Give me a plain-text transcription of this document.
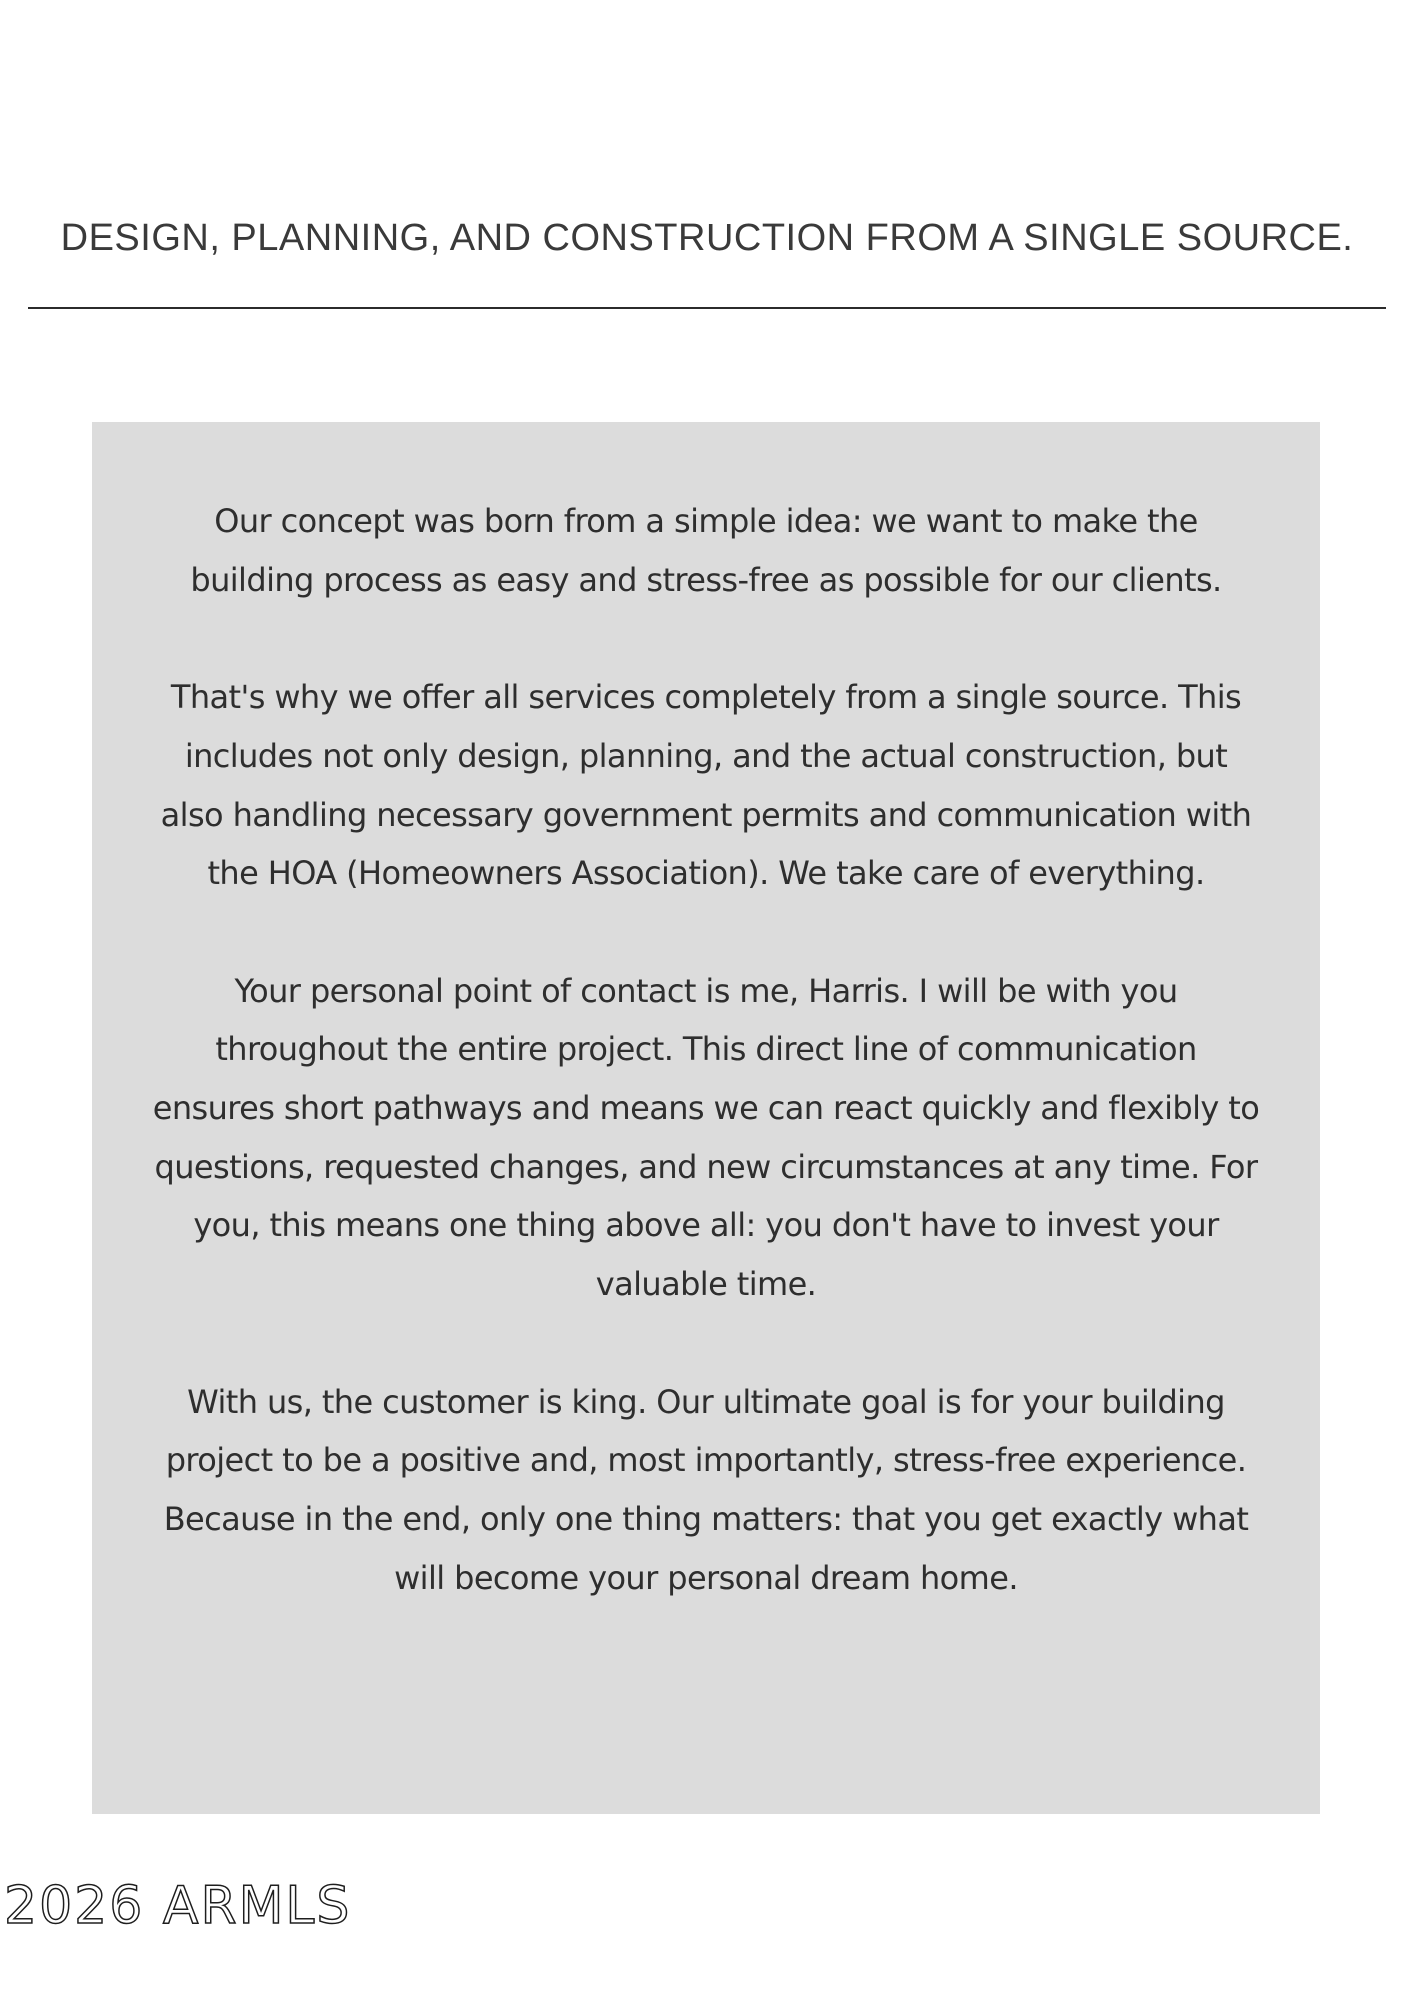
DESIGN, PLANNING, AND CONSTRUCTION FROM A SINGLE SOURCE.

Our concept was born from a simple idea: we want to make the building process as easy and stress-free as possible for our clients.

That's why we offer all services completely from a single source. This includes not only design, planning, and the actual construction, but also handling necessary government permits and communication with the HOA (Homeowners Association). We take care of everything.

Your personal point of contact is me, Harris. I will be with you throughout the entire project. This direct line of communication ensures short pathways and means we can react quickly and flexibly to questions, requested changes, and new circumstances at any time. For you, this means one thing above all: you don't have to invest your valuable time.

With us, the customer is king. Our ultimate goal is for your building project to be a positive and, most importantly, stress-free experience. Because in the end, only one thing matters: that you get exactly what will become your personal dream home.

2026 ARMLS
